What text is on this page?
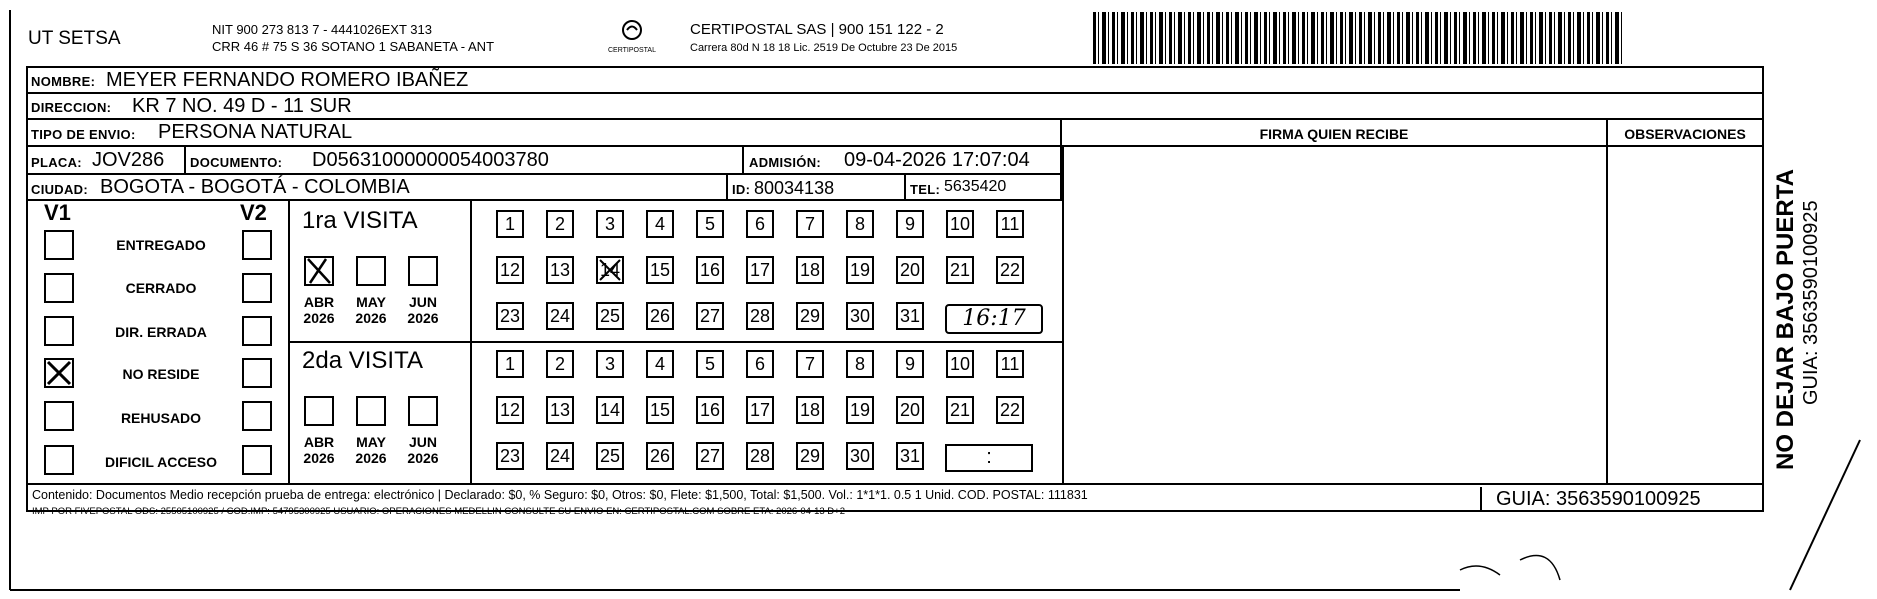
UT SETSA	NIT 900 273 813 7 - 4441026EXT 313
CRR 46 # 75 S 36 SOTANO 1 SABANETA - ANT	CERTIPOSTAL
CERTIPOSTAL SAS | 900 151 122 - 2
Carrera 80d N 18 18 Lic. 2519 De Octubre 23 De 2015
NOMBRE: MEYER FERNANDO ROMERO IBAÑEZ
DIRECCION: KR 7 NO. 49 D - 11 SUR
TIPO DE ENVIO: PERSONA NATURAL	FIRMA QUIEN RECIBE	OBSERVACIONES
PLACA: JOV286 DOCUMENTO: D05631000000054003780	ADMISIÓN: 09-04-2026 17:07:04
CIUDAD: BOGOTA - BOGOTÁ - COLOMBIA	ID: 80034138	TEL: 5635420
V1	V2
ENTREGADO
CERRADO
DIR. ERRADA
NO RESIDE
REHUSADO
DIFICIL ACCESO
1ra VISITA
ABR
2026
MAY
2026
JUN
2026
1	2	3	4	5	6	7	8	9	10 11
12 13 14 15 16 17 18 19 20 21 22
23 24 25 26 27 28 29 30 31	16:17
2da VISITA
ABR
2026
MAY
2026
JUN
2026
1	2	3	4	5	6	7	8	9	10 11
12 13 14 15 16 17 18 19 20 21 22
23 24 25 26 27 28 29 30 31	:
Contenido: Documentos Medio recepción prueba de entrega: electrónico | Declarado: $0, % Seguro: $0, Otros: $0, Flete: $1,500, Total: $1,500. Vol.: 1*1*1. 0.5 1 Unid. COD. POSTAL: 111831
IMP POR FIVEPOSTAL ODS: 25505100925 / COD.IMP: 54795300925 USUARIO: OPERACIONES MEDELLIN CONSULTE SU ENVIO EN: CERTIPOSTAL.COM SOBRE ETA: 2026-04-13 D+2
GUIA: 3563590100925
NO DEJAR BAJO PUERTA GUIA: 3563590100925
